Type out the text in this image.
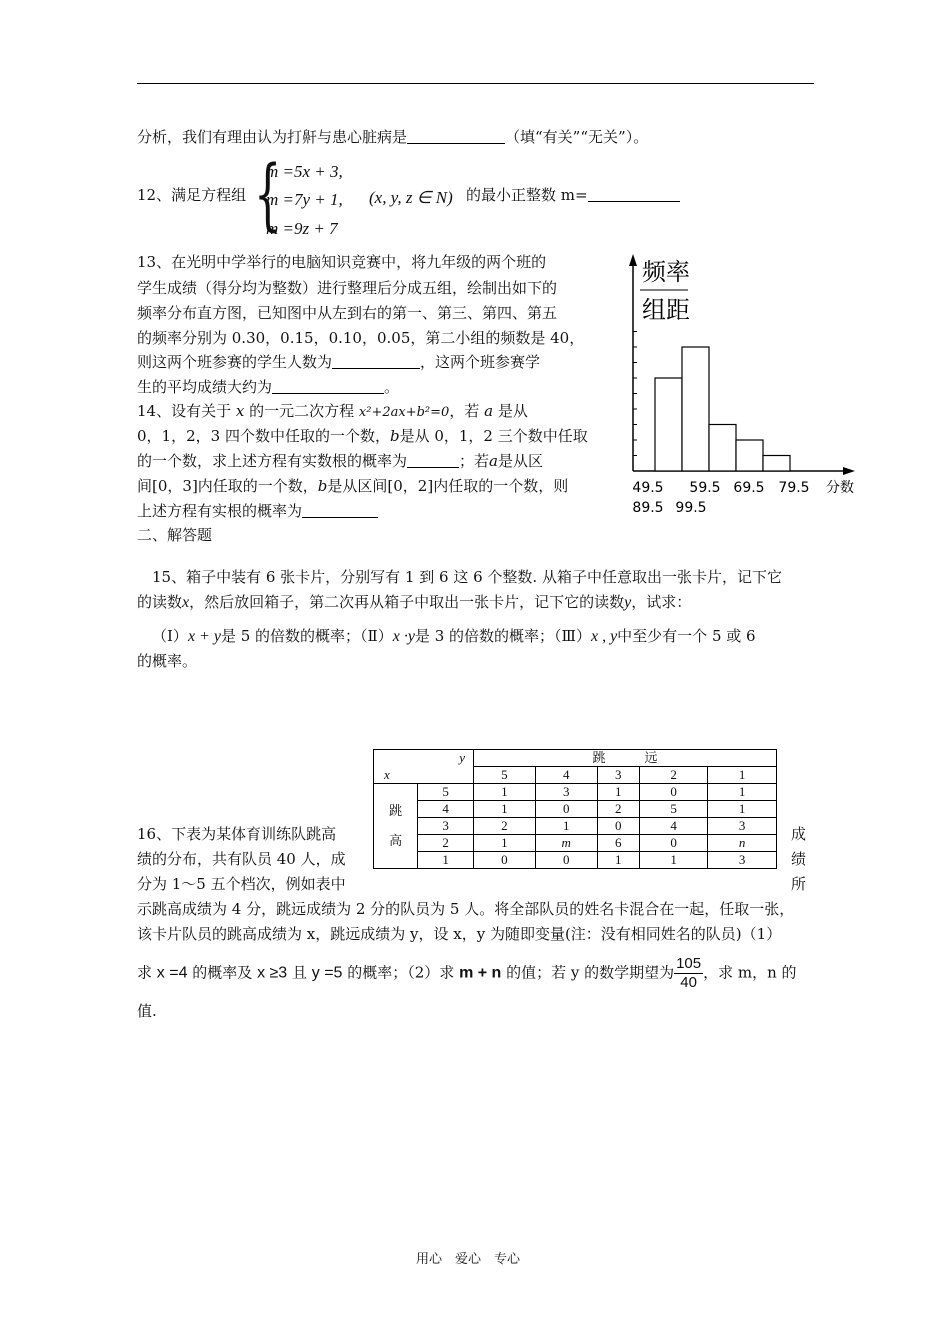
分析，我们有理由认为打鼾与患心脏病是	（填“有关”“无关”）。
12、满足方程组 {
m =5x + 3,
m =7y + 1,
m =9z + 7
(x, y, z ∈ N) 的最小正整数 m=
13、在光明中学举行的电脑知识竞赛中，将九年级的两个班的
学生成绩（得分均为整数）进行整理后分成五组，绘制出如下的
频率分布直方图，已知图中从左到右的第一、第三、第四、第五
的频率分别为 0.30，0.15，0.10，0.05，第二小组的频数是 40，
则这两个班参赛的学生人数为	，这两个班参赛学
生的平均成绩大约为	。
14、设有关于 x 的一元二次方程 x²+2ax+b²=0，若 a 是从
0，1，2，3 四个数中任取的一个数，b是从 0，1，2 三个数中任取
的一个数，求上述方程有实数根的概率为	；若a是从区
间[0，3]内任取的一个数，b是从区间[0，2]内任取的一个数，则
上述方程有实根的概率为
二、解答题
频率
组距
49.5 59.5 69.5 79.5 分数
89.5 99.5
15、箱子中装有 6 张卡片，分别写有 1 到 6 这 6 个整数. 从箱子中任意取出一张卡片，记下它
的读数x，然后放回箱子，第二次再从箱子中取出一张卡片，记下它的读数y，试求：
（Ⅰ）x + y是 5 的倍数的概率；（Ⅱ）x ·y是 3 的倍数的概率；（Ⅲ）x , y中至少有一个 5 或 6
的概率。
y		跳　　　远				
x		5	4	3	2	1
跳
高	5	1	3	1	0	1
	4	1	0	2	5	1
	3	2	1	0	4	3
	2	1	m	6	0	n
	1	0	0	1	1	3
16、下表为某体育训练队跳高
绩的分布，共有队员 40 人，成
分为 1～5 五个档次，例如表中
成
绩
所
示跳高成绩为 4 分，跳远成绩为 2 分的队员为 5 人。将全部队员的姓名卡混合在一起，任取一张，
该卡片队员的跳高成绩为 x，跳远成绩为 y，设 x，y 为随即变量(注：没有相同姓名的队员)（1）
求 x =4 的概率及 x ≥3 且 y =5 的概率；（2）求 m + n 的值；若 y 的数学期望为 $\frac{105}{40}$ ，求 m，n 的
值.
用心　爱心　专心
